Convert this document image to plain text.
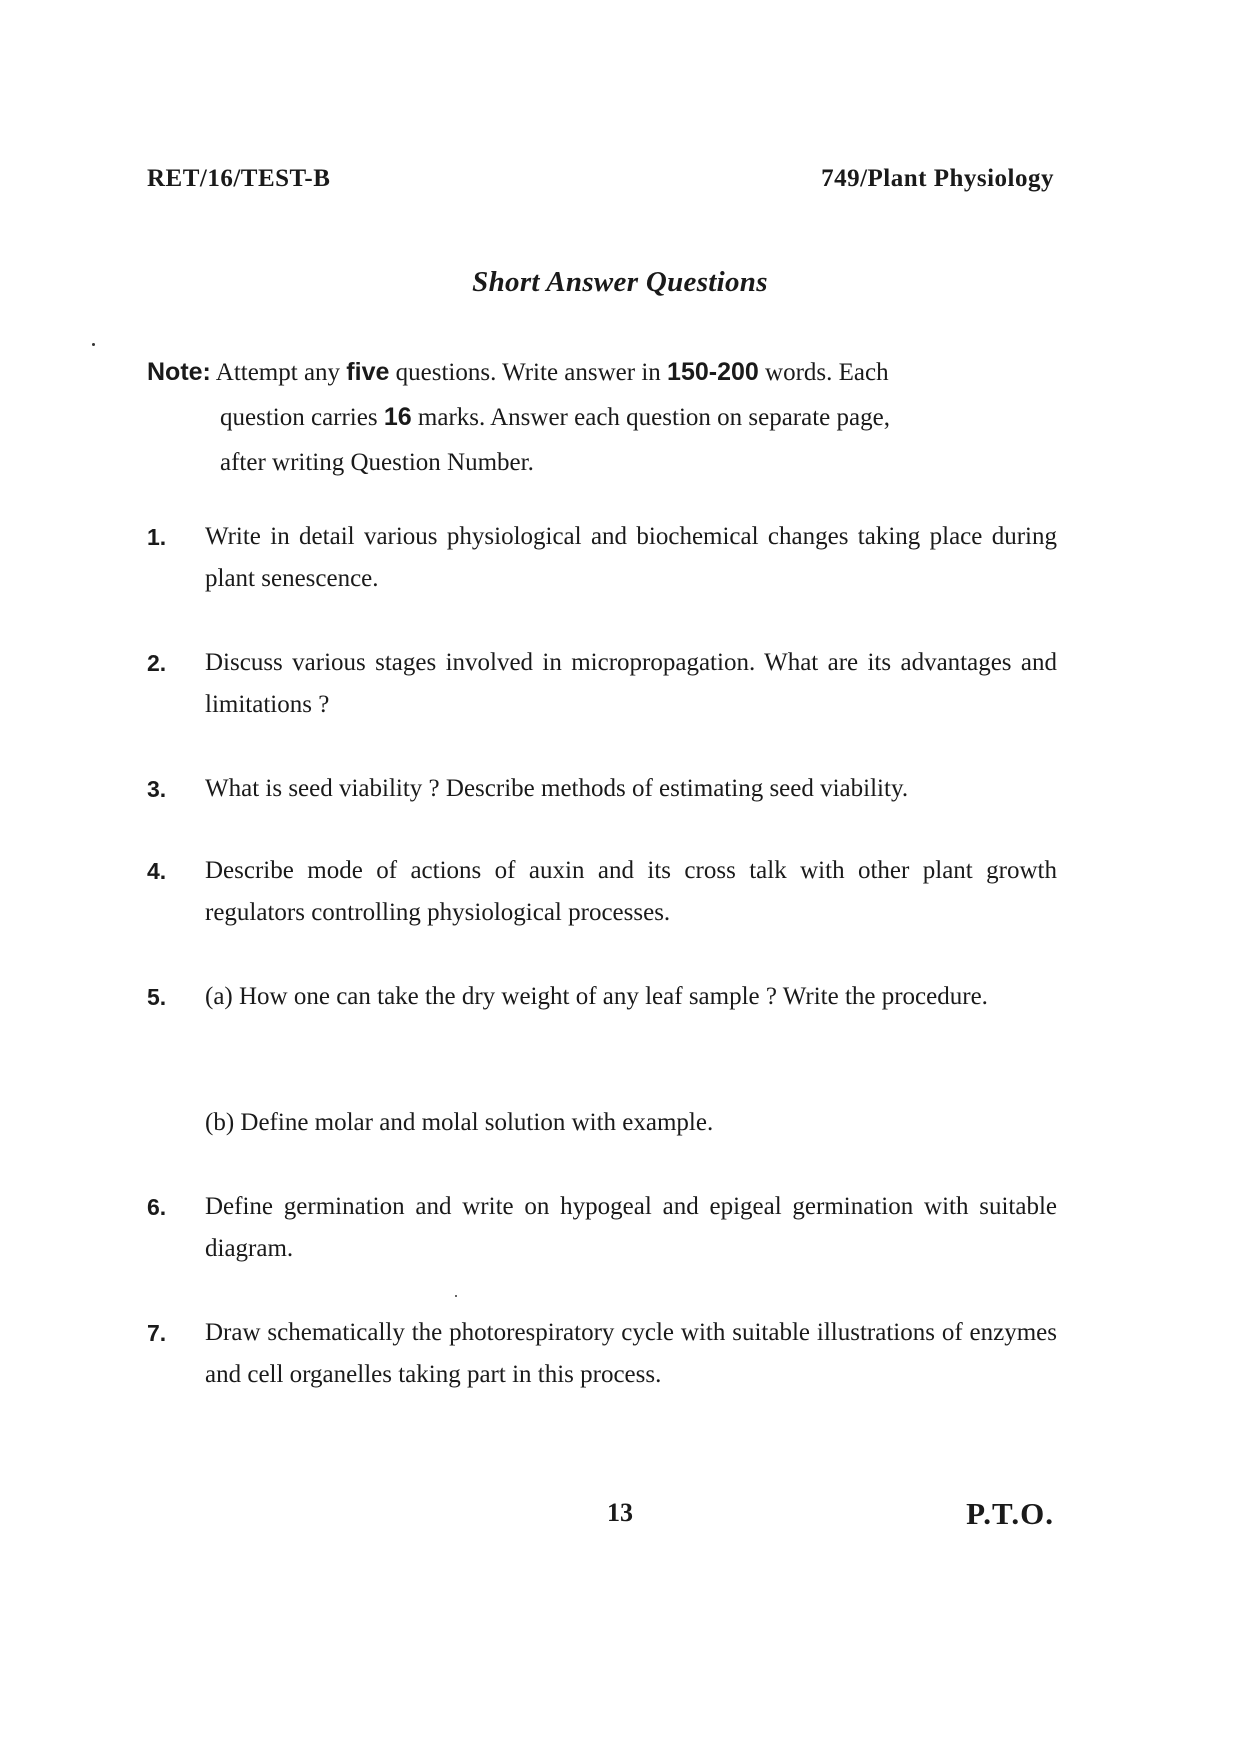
RET/16/TEST-B	749/Plant Physiology
Short Answer Questions
Note: Attempt any five questions. Write answer in 150-200 words. Each
question carries 16 marks. Answer each question on separate page,
after writing Question Number.
1. Write in detail various physiological and biochemical changes taking place during plant senescence.
2. Discuss various stages involved in micropropagation. What are its advantages and limitations ?
3. What is seed viability ? Describe methods of estimating seed viability.
4. Describe mode of actions of auxin and its cross talk with other plant growth regulators controlling physiological processes.
5. (a) How one can take the dry weight of any leaf sample ? Write the procedure.
(b) Define molar and molal solution with example.
6. Define germination and write on hypogeal and epigeal germination with suitable diagram.
7. Draw schematically the photorespiratory cycle with suitable illustrations of enzymes and cell organelles taking part in this process.
13	P.T.O.
